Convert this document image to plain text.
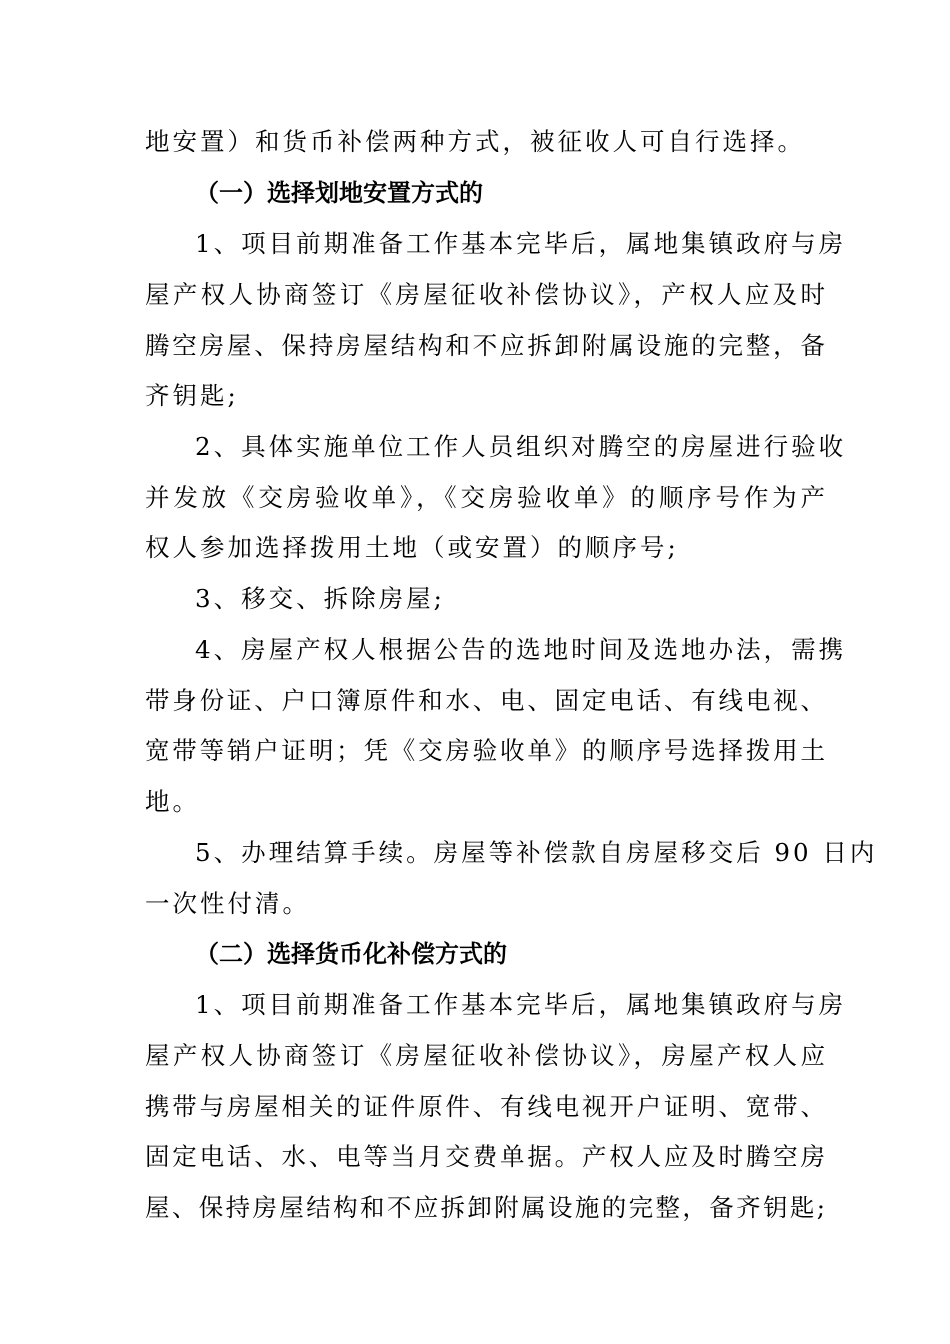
地安置）和货币补偿两种方式，被征收人可自行选择。
（一）选择划地安置方式的
1、项目前期准备工作基本完毕后，属地集镇政府与房
屋产权人协商签订《房屋征收补偿协议》，产权人应及时
腾空房屋、保持房屋结构和不应拆卸附属设施的完整，备
齐钥匙;
2、具体实施单位工作人员组织对腾空的房屋进行验收
并发放《交房验收单》，《交房验收单》的顺序号作为产
权人参加选择拨用土地（或安置）的顺序号;
3、移交、拆除房屋;
4、房屋产权人根据公告的选地时间及选地办法，需携
带身份证、户口簿原件和水、电、固定电话、有线电视、
宽带等销户证明；凭《交房验收单》的顺序号选择拨用土
地。
5、办理结算手续。房屋等补偿款自房屋移交后 90 日内
一次性付清。
（二）选择货币化补偿方式的
1、项目前期准备工作基本完毕后，属地集镇政府与房
屋产权人协商签订《房屋征收补偿协议》，房屋产权人应
携带与房屋相关的证件原件、有线电视开户证明、宽带、
固定电话、水、电等当月交费单据。产权人应及时腾空房
屋、保持房屋结构和不应拆卸附属设施的完整，备齐钥匙;
